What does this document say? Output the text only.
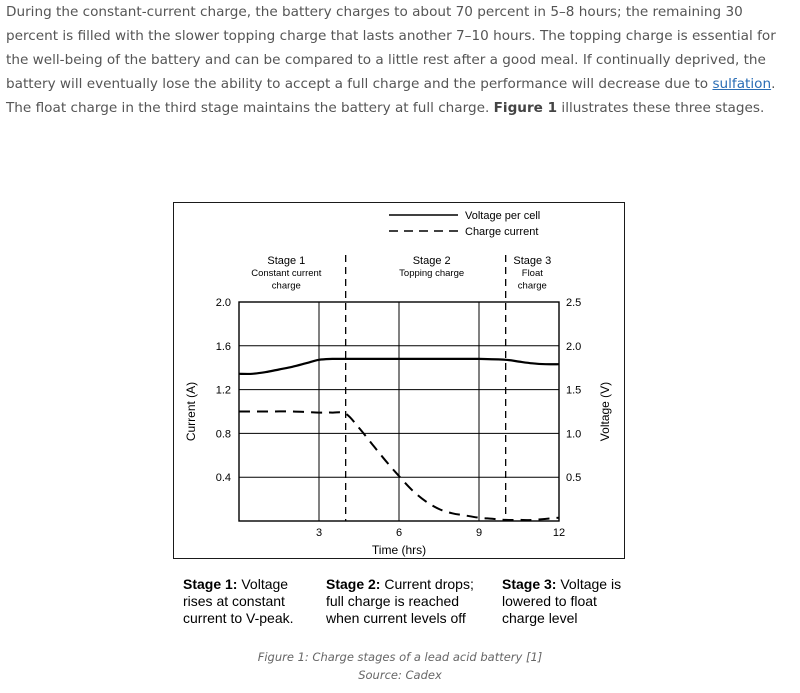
During the constant-current charge, the battery charges to about 70 percent in 5–8 hours; the remaining 30 percent is filled with the slower topping charge that lasts another 7–10 hours. The topping charge is essential for the well-being of the battery and can be compared to a little rest after a good meal. If continually deprived, the battery will eventually lose the ability to accept a full charge and the performance will decrease due to sulfation. The float charge in the third stage maintains the battery at full charge. Figure 1 illustrates these three stages.

0.4
0.8
1.2
1.6
2.0
0.5
1.0
1.5
2.0
2.5
3	6	9	12
Time (hrs)
Current (A)	Voltage (V)
Stage 1
Constant current
charge
Stage 2
Topping charge
Stage 3
Float
charge
Voltage per cell
Charge current
Stage 1: Voltage rises at constant current to V-peak.
Stage 2: Current drops; full charge is reached when current levels off
Stage 3: Voltage is lowered to float charge level
Figure 1: Charge stages of a lead acid battery [1]
Source: Cadex
